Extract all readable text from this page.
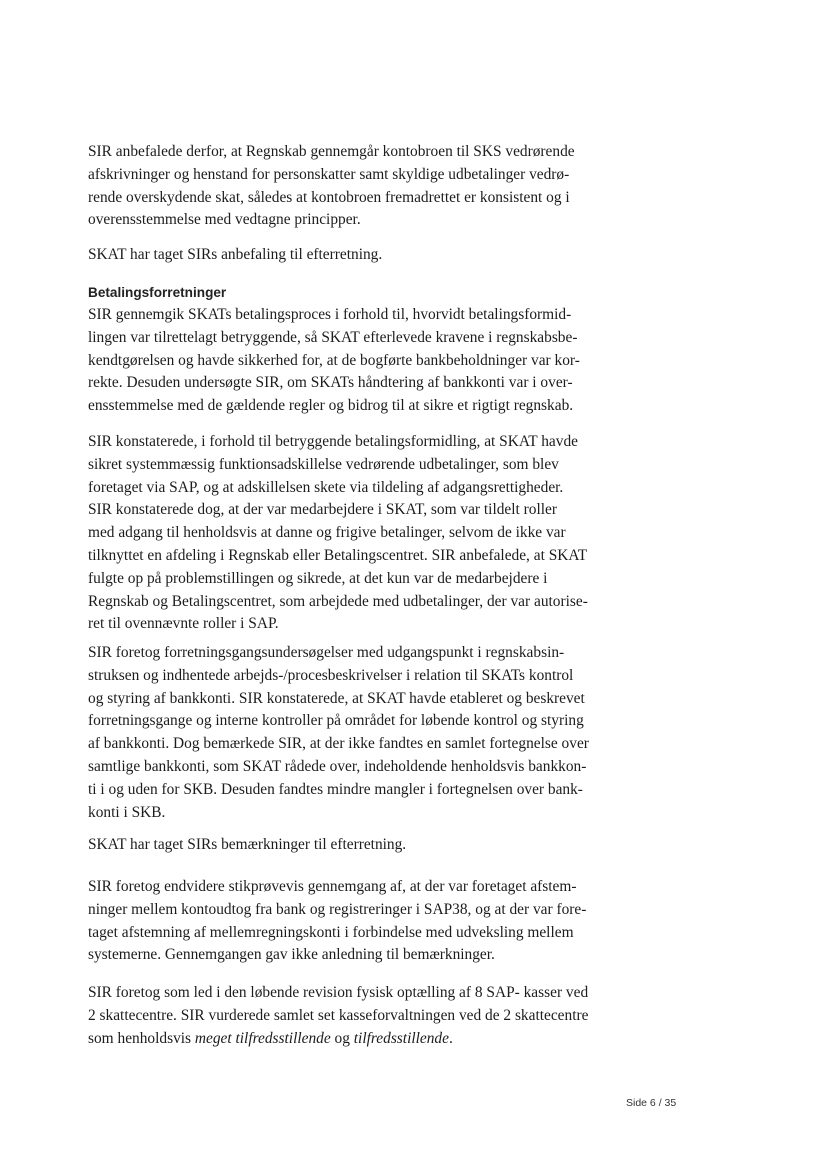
SIR anbefalede derfor, at Regnskab gennemgår kontobroen til SKS vedrørende
afskrivninger og henstand for personskatter samt skyldige udbetalinger vedrø-
rende overskydende skat, således at kontobroen fremadrettet er konsistent og i
overensstemmelse med vedtagne principper.
SKAT har taget SIRs anbefaling til efterretning.
Betalingsforretninger
SIR gennemgik SKATs betalingsproces i forhold til, hvorvidt betalingsformid-
lingen var tilrettelagt betryggende, så SKAT efterlevede kravene i regnskabsbe-
kendtgørelsen og havde sikkerhed for, at de bogførte bankbeholdninger var kor-
rekte. Desuden undersøgte SIR, om SKATs håndtering af bankkonti var i over-
ensstemmelse med de gældende regler og bidrog til at sikre et rigtigt regnskab.
SIR konstaterede, i forhold til betryggende betalingsformidling, at SKAT havde
sikret systemmæssig funktionsadskillelse vedrørende udbetalinger, som blev
foretaget via SAP, og at adskillelsen skete via tildeling af adgangsrettigheder.
SIR konstaterede dog, at der var medarbejdere i SKAT, som var tildelt roller
med adgang til henholdsvis at danne og frigive betalinger, selvom de ikke var
tilknyttet en afdeling i Regnskab eller Betalingscentret. SIR anbefalede, at SKAT
fulgte op på problemstillingen og sikrede, at det kun var de medarbejdere i
Regnskab og Betalingscentret, som arbejdede med udbetalinger, der var autorise-
ret til ovennævnte roller i SAP.
SIR foretog forretningsgangsundersøgelser med udgangspunkt i regnskabsin-
struksen og indhentede arbejds-/procesbeskrivelser i relation til SKATs kontrol
og styring af bankkonti. SIR konstaterede, at SKAT havde etableret og beskrevet
forretningsgange og interne kontroller på området for løbende kontrol og styring
af bankkonti. Dog bemærkede SIR, at der ikke fandtes en samlet fortegnelse over
samtlige bankkonti, som SKAT rådede over, indeholdende henholdsvis bankkon-
ti i og uden for SKB. Desuden fandtes mindre mangler i fortegnelsen over bank-
konti i SKB.
SKAT har taget SIRs bemærkninger til efterretning.
SIR foretog endvidere stikprøvevis gennemgang af, at der var foretaget afstem-
ninger mellem kontoudtog fra bank og registreringer i SAP38, og at der var fore-
taget afstemning af mellemregningskonti i forbindelse med udveksling mellem
systemerne. Gennemgangen gav ikke anledning til bemærkninger.
SIR foretog som led i den løbende revision fysisk optælling af 8 SAP- kasser ved
2 skattecentre. SIR vurderede samlet set kasseforvaltningen ved de 2 skattecentre
som henholdsvis meget tilfredsstillende og tilfredsstillende.
Side 6 / 35
